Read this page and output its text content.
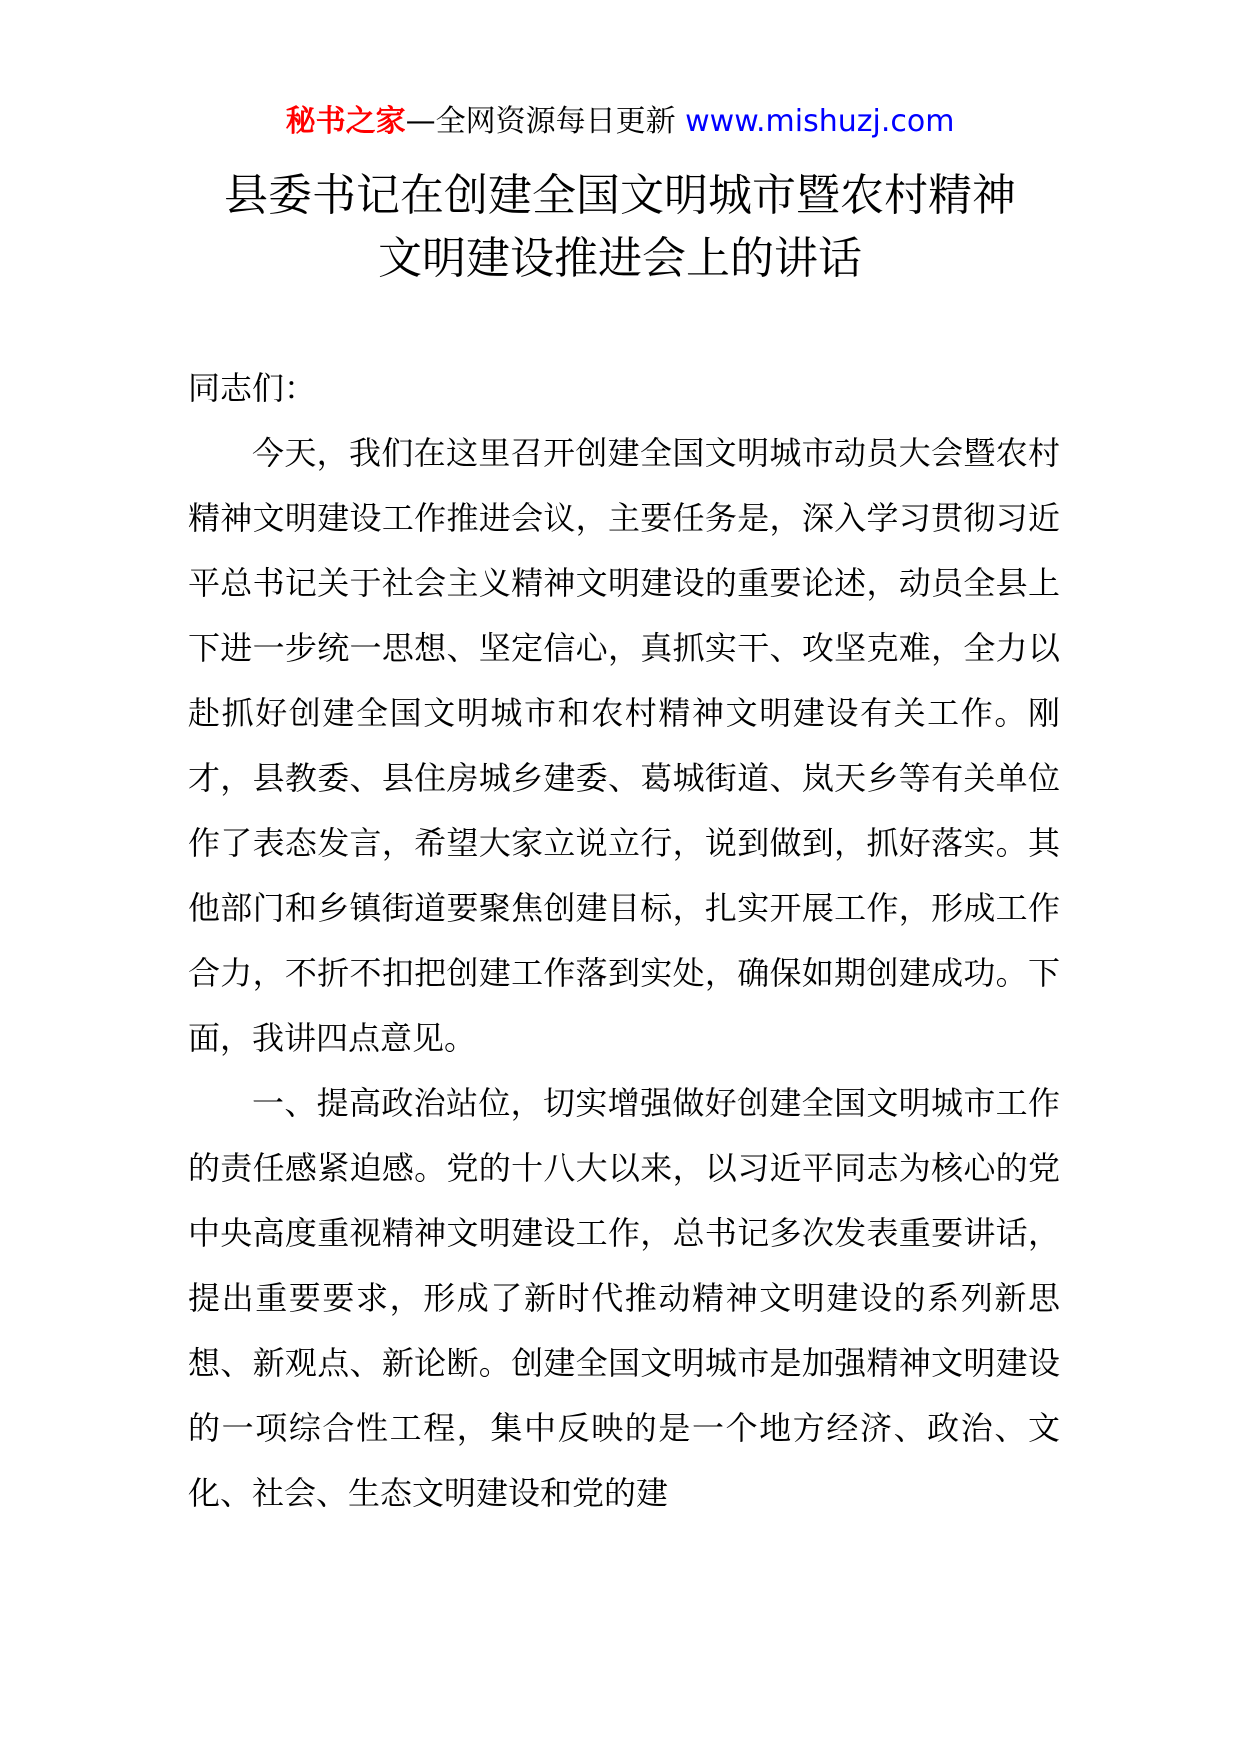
秘书之家—全网资源每日更新 www.mishuzj.com
县委书记在创建全国文明城市暨农村精神
文明建设推进会上的讲话

同志们：

今天，我们在这里召开创建全国文明城市动员大会暨农村精神文明建设工作推进会议，主要任务是，深入学习贯彻习近平总书记关于社会主义精神文明建设的重要论述，动员全县上下进一步统一思想、坚定信心，真抓实干、攻坚克难，全力以赴抓好创建全国文明城市和农村精神文明建设有关工作。刚才，县教委、县住房城乡建委、葛城街道、岚天乡等有关单位作了表态发言，希望大家立说立行，说到做到，抓好落实。其他部门和乡镇街道要聚焦创建目标，扎实开展工作，形成工作合力，不折不扣把创建工作落到实处，确保如期创建成功。下面，我讲四点意见。

一、提高政治站位，切实增强做好创建全国文明城市工作的责任感紧迫感。党的十八大以来，以习近平同志为核心的党中央高度重视精神文明建设工作，总书记多次发表重要讲话，提出重要要求，形成了新时代推动精神文明建设的系列新思想、新观点、新论断。创建全国文明城市是加强精神文明建设的一项综合性工程，集中反映的是一个地方经济、政治、文化、社会、生态文明建设和党的建
